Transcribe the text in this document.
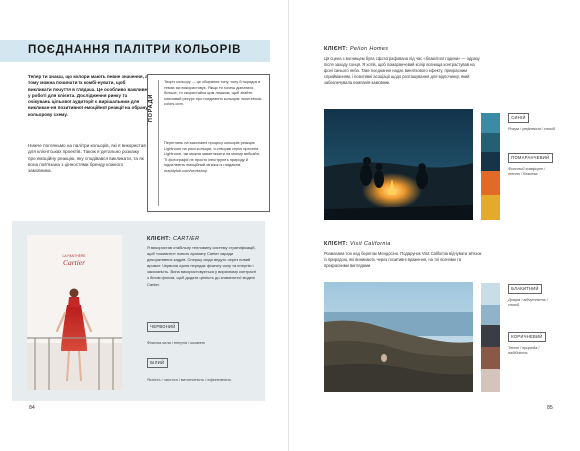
ПОЄДНАННЯ ПАЛІТРИ КОЛЬОРІВ
Тепер ти знаєш, що колори мають певне значення, а тому можна починати їх комбі-нувати, щоб викликати почуття в глядача. Це особливо важливе у роботі для клієнта. Дослідження ринку та очікувань цільової аудиторії є вирішальним для викликан-ня позитивної емоційної реакції на обрану кольорову схему.
Нижче погляньмо на палітри кольорів, які я використав для клієнтських проектів. Також я детально розкажу про емоційну реакцію, яку сподівався викликати, та як вона пов'язана з цінностями бренду кожного замовника.
ПОРАДИ
Творіт кольору — це обирання тону, тону й порядок в темах які використовує. Якщо ти хочеш дізнатися більше, то скористайся цим ляшком, щоб знайти ключовий ресурс про поєднання кольорів: www.ebook-colors.com.
Переглянь на виконанні процесу кольорів реакцію Lightroom на різні кольори, я створив серію пресетів Lightroom, які можна завантажити на моєму вебсайті. Ті фотографії не просто ілюструють природу й підсилюють емоційний зв'язок із глядачем. maddyfotr.com/workshop
LA PANTHÈRE
Cartier
КЛІЄНТ: CARTIER
Я використав стабільну тепловину систему стратифікацій, щоб «оживити» нового аромату Cartier заради декоративних кадрів. Спершу сюди ведуть через новий аромат. Червона сукня передає фізичну силу та енергію і закоханість. Вона використовується у виразному контрасті з білим фоном, щоб додати цінність до знаменитої моделі Cartier.
ЧЕРВОНИЙ
Фізична сила / енергія / кохання
БІЛИЙ
Ясність / чистота / витонченість / ефективність
84
КЛІЄНТ: Pelion Homes
Ця сцена з вогнищем була сфотографована під час «блакитної години» — одразу після заходу сонця. Я хотів, щоб помаранчевий колір вогнища контрастував на фоні синього неба. Таке поєднання надає виняткового ефекту, прекрасним сприйманням, і позитивні асоціації щодо розташування для відпочинку, який забезпечувала компанія-замовник.
СИНІЙ
Розум / рефлексія / спокій
ПОМАРАНЧЕВИЙ
Фізичний комфорт / тепло / безпека
КЛІЄНТ: Visit California
Розмазана тон над берегом Мендосіно. Подарунок Visit California відчувати зв'язок із природою, які виникають через позитивні враження, на тлі вогнями та прекрасними виглядами.
БЛАКИТНИЙ
Довіра / відчутність / спокій
КОРИЧНЕВИЙ
Тепло / природа / надійність
85
